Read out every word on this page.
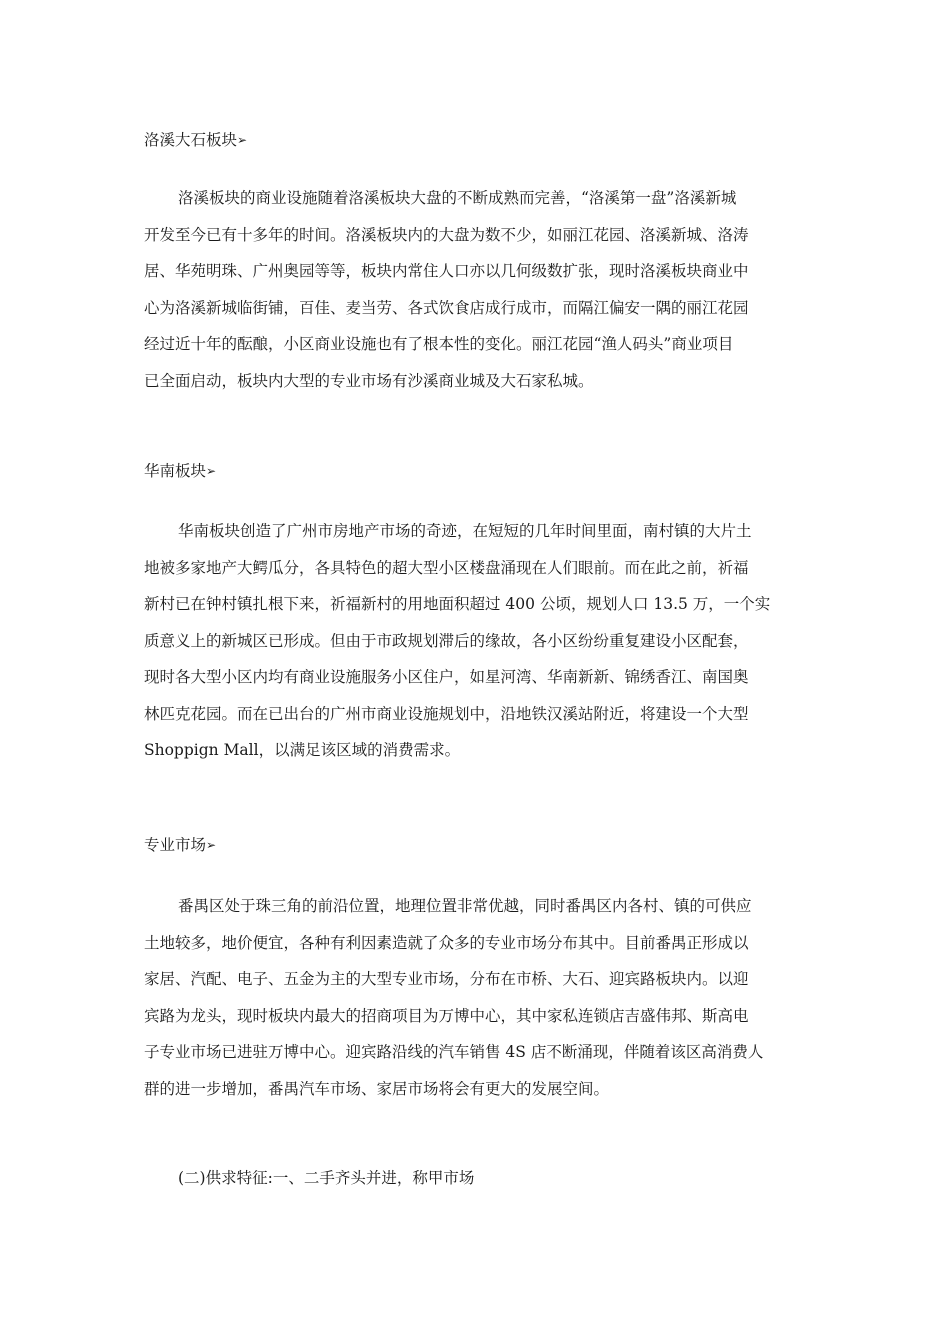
洛溪大石板块➢
洛溪板块的商业设施随着洛溪板块大盘的不断成熟而完善，“洛溪第一盘”洛溪新城
开发至今已有十多年的时间。洛溪板块内的大盘为数不少，如丽江花园、洛溪新城、洛涛
居、华苑明珠、广州奥园等等，板块内常住人口亦以几何级数扩张，现时洛溪板块商业中
心为洛溪新城临街铺，百佳、麦当劳、各式饮食店成行成市，而隔江偏安一隅的丽江花园
经过近十年的酝酿，小区商业设施也有了根本性的变化。丽江花园“渔人码头”商业项目
已全面启动，板块内大型的专业市场有沙溪商业城及大石家私城。
华南板块➢
华南板块创造了广州市房地产市场的奇迹，在短短的几年时间里面，南村镇的大片土
地被多家地产大鳄瓜分，各具特色的超大型小区楼盘涌现在人们眼前。而在此之前，祈福
新村已在钟村镇扎根下来，祈福新村的用地面积超过 400 公顷，规划人口 13.5 万，一个实
质意义上的新城区已形成。但由于市政规划滞后的缘故，各小区纷纷重复建设小区配套，
现时各大型小区内均有商业设施服务小区住户，如星河湾、华南新新、锦绣香江、南国奥
林匹克花园。而在已出台的广州市商业设施规划中，沿地铁汉溪站附近，将建设一个大型
Shoppign Mall，以满足该区域的消费需求。
专业市场➢
番禺区处于珠三角的前沿位置，地理位置非常优越，同时番禺区内各村、镇的可供应
土地较多，地价便宜，各种有利因素造就了众多的专业市场分布其中。目前番禺正形成以
家居、汽配、电子、五金为主的大型专业市场，分布在市桥、大石、迎宾路板块内。以迎
宾路为龙头，现时板块内最大的招商项目为万博中心，其中家私连锁店吉盛伟邦、斯高电
子专业市场已进驻万博中心。迎宾路沿线的汽车销售 4S 店不断涌现，伴随着该区高消费人
群的进一步增加，番禺汽车市场、家居市场将会有更大的发展空间。
(二)供求特征:一、二手齐头并进，称甲市场
